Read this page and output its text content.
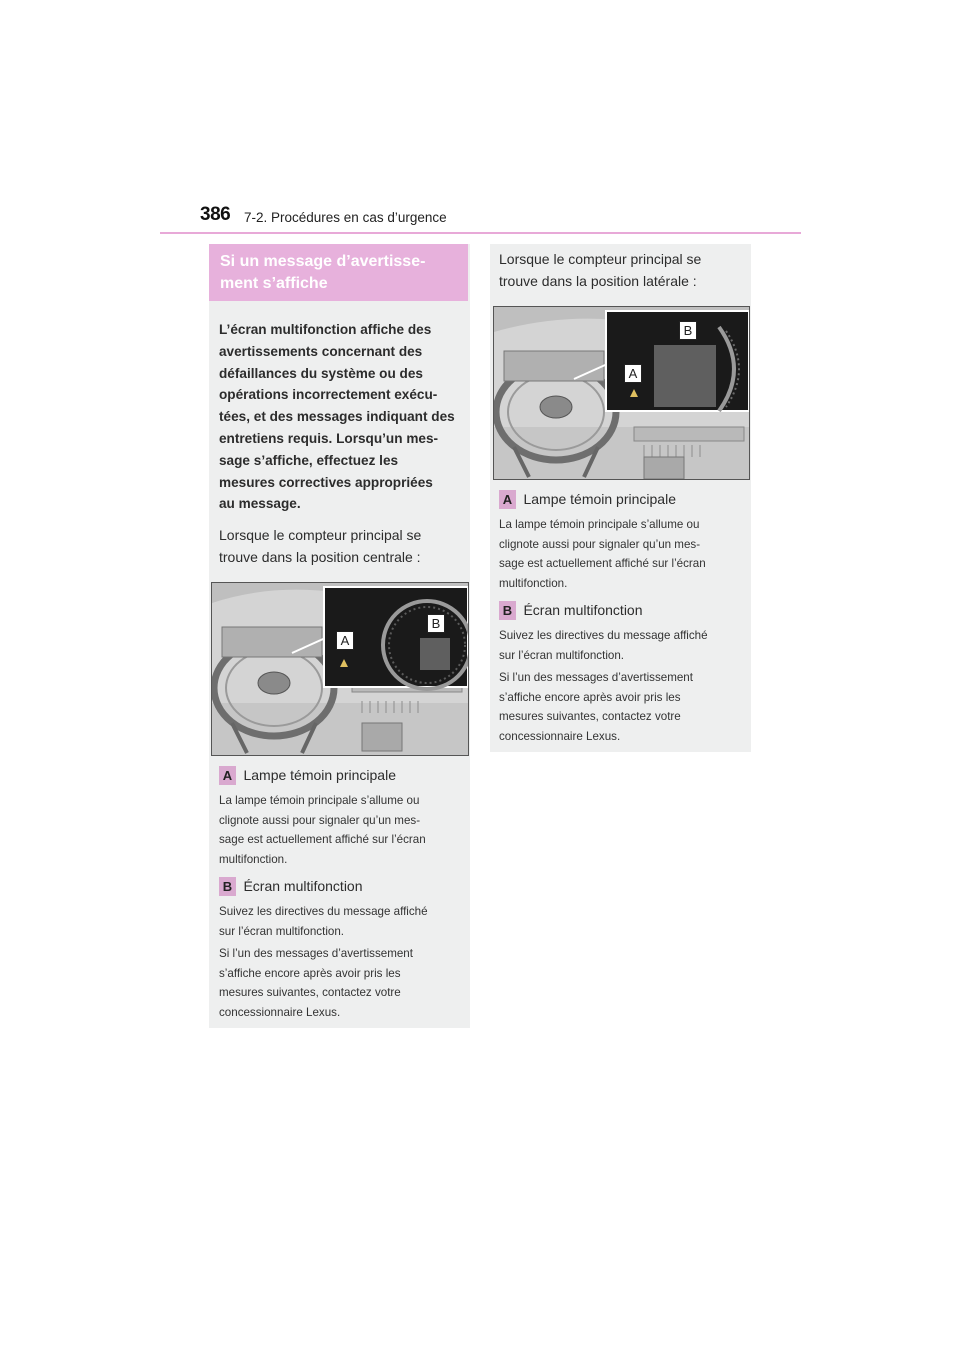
386 7-2. Procédures en cas d’urgence
Si un message d’avertisse-
ment s’affiche
L’écran multifonction affiche des
avertissements concernant des
défaillances du système ou des
opérations incorrectement exécu-
tées, et des messages indiquant des
entretiens requis. Lorsqu’un mes-
sage s’affiche, effectuez les
mesures correctives appropriées
au message.
Lorsque le compteur principal se
trouve dans la position centrale :
A
B
A Lampe témoin principale
La lampe témoin principale s’allume ou
clignote aussi pour signaler qu’un mes-
sage est actuellement affiché sur l’écran
multifonction.
B Écran multifonction
Suivez les directives du message affiché
sur l’écran multifonction.
Si l’un des messages d’avertissement
s’affiche encore après avoir pris les
mesures suivantes, contactez votre
concessionnaire Lexus.
Lorsque le compteur principal se
trouve dans la position latérale :
A
B
A Lampe témoin principale
La lampe témoin principale s’allume ou
clignote aussi pour signaler qu’un mes-
sage est actuellement affiché sur l’écran
multifonction.
B Écran multifonction
Suivez les directives du message affiché
sur l’écran multifonction.
Si l’un des messages d’avertissement
s’affiche encore après avoir pris les
mesures suivantes, contactez votre
concessionnaire Lexus.
